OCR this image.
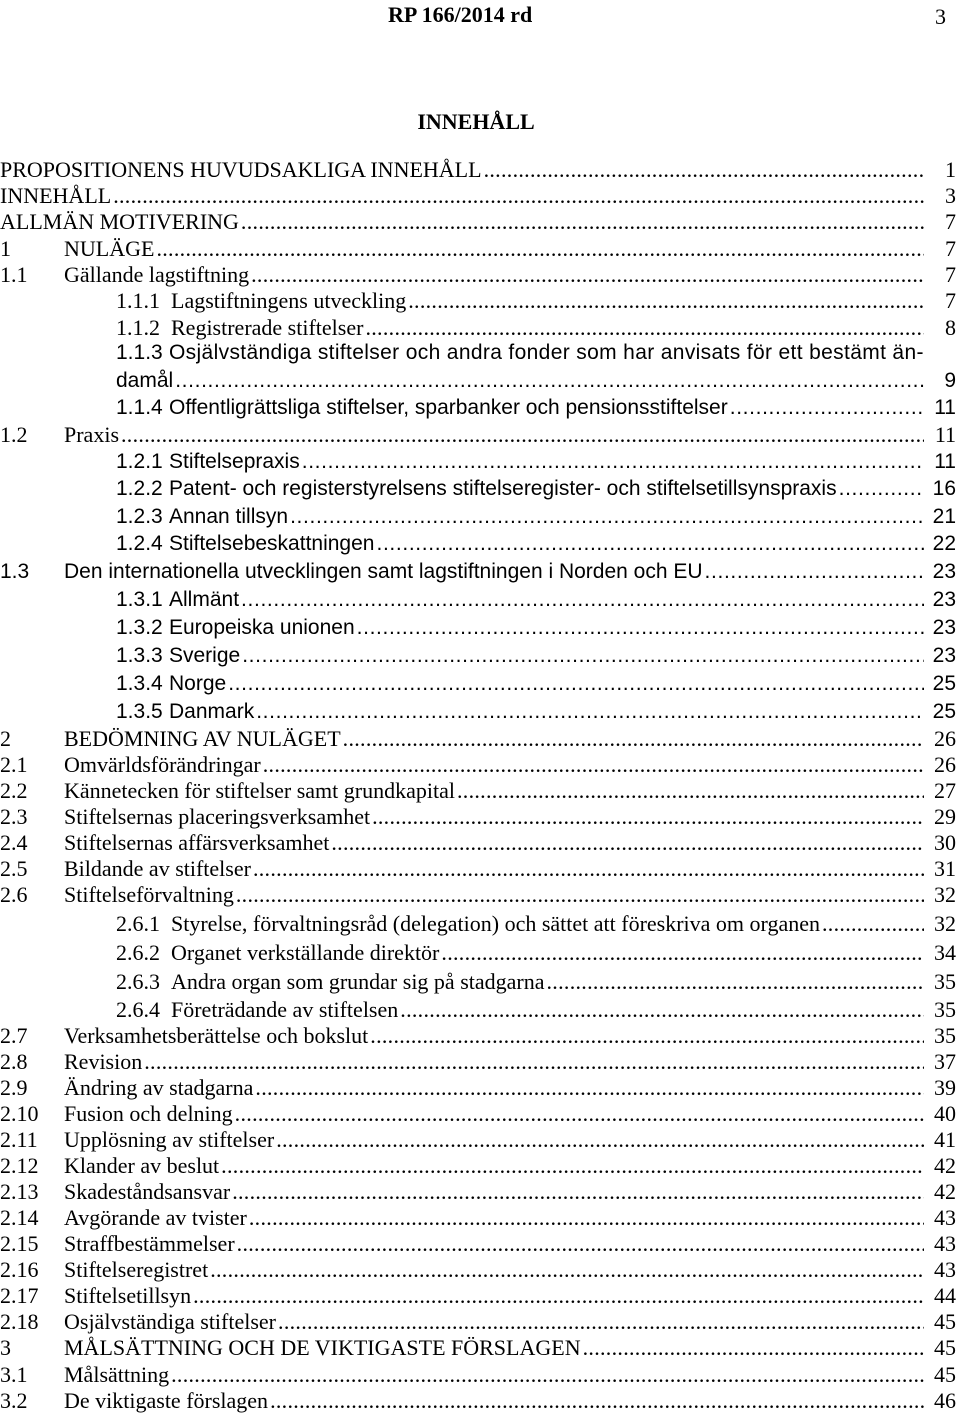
RP 166/2014 rd	3
INNEHÅLL
PROPOSITIONENS HUVUDSAKLIGA INNEHÅLL . . .	1
INNEHÅLL . . .	3
ALLMÄN MOTIVERING . . .	7
1 NULÄGE . . .	7
1.1 Gällande lagstiftning . . .	7
1.1.1 Lagstiftningens utveckling . . .	7
1.1.2 Registrerade stiftelser . . .	8
1.1.3 Osjälvständiga stiftelser och andra fonder som har anvisats för ett bestämt än-
damål . . .	9
1.1.4 Offentligrättsliga stiftelser, sparbanker och pensionsstiftelser . . .	11
1.2 Praxis . . .	11
1.2.1 Stiftelsepraxis . . .	11
1.2.2 Patent- och registerstyrelsens stiftelseregister- och stiftelsetillsynspraxis . . .	16
1.2.3 Annan tillsyn . . .	21
1.2.4 Stiftelsebeskattningen . . .	22
1.3 Den internationella utvecklingen samt lagstiftningen i Norden och EU . . .	23
1.3.1 Allmänt . . .	23
1.3.2 Europeiska unionen . . .	23
1.3.3 Sverige . . .	23
1.3.4 Norge . . .	25
1.3.5 Danmark . . .	25
2 BEDÖMNING AV NULÄGET . . .	26
2.1 Omvärldsförändringar . . .	26
2.2 Kännetecken för stiftelser samt grundkapital . . .	27
2.3 Stiftelsernas placeringsverksamhet . . .	29
2.4 Stiftelsernas affärsverksamhet . . .	30
2.5 Bildande av stiftelser . . .	31
2.6 Stiftelseförvaltning . . .	32
2.6.1 Styrelse, förvaltningsråd (delegation) och sättet att föreskriva om organen . . .	32
2.6.2 Organet verkställande direktör . . .	34
2.6.3 Andra organ som grundar sig på stadgarna . . .	35
2.6.4 Företrädande av stiftelsen . . .	35
2.7 Verksamhetsberättelse och bokslut . . .	35
2.8 Revision . . .	37
2.9 Ändring av stadgarna . . .	39
2.10 Fusion och delning . . .	40
2.11 Upplösning av stiftelser . . .	41
2.12 Klander av beslut . . .	42
2.13 Skadeståndsansvar . . .	42
2.14 Avgörande av tvister . . .	43
2.15 Straffbestämmelser . . .	43
2.16 Stiftelseregistret . . .	43
2.17 Stiftelsetillsyn . . .	44
2.18 Osjälvständiga stiftelser . . .	45
3 MÅLSÄTTNING OCH DE VIKTIGASTE FÖRSLAGEN . . .	45
3.1 Målsättning . . .	45
3.2 De viktigaste förslagen . . .	46
